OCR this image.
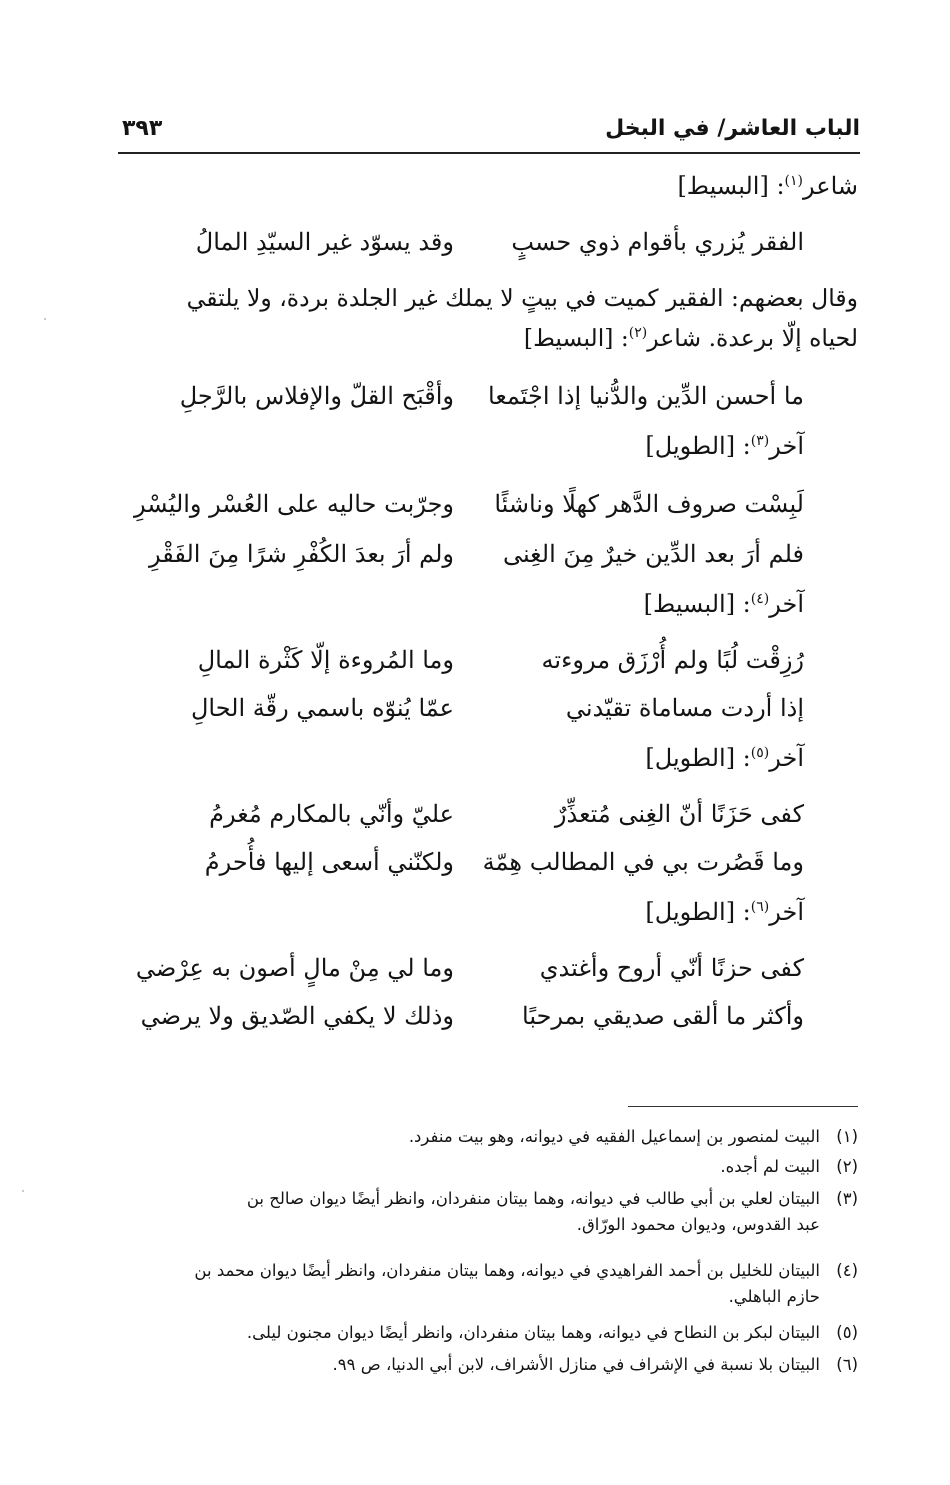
الباب العاشر/ في البخل
٣٩٣
شاعر$^{(١)}$: [البسيط]
الفقر يُزري بأقوام ذوي حسبٍ
وقد يسوّد غير السيّدِ المالُ
وقال بعضهم: الفقير كميت في بيتٍ لا يملك غير الجلدة بردة، ولا يلتقي
لحياه إلّا برعدة. شاعر$^{(٢)}$: [البسيط]
ما أحسن الدِّين والدُّنيا إذا اجْتَمعا
وأقْبَح القلّ والإفلاس بالرَّجلِ
آخر$^{(٣)}$: [الطويل]
لَبِسْت صروف الدَّهر كهلًا وناشئًا
وجرّبت حاليه على العُسْر واليُسْرِ
فلم أرَ بعد الدِّين خيرٌ مِنَ الغِنى
ولم أرَ بعدَ الكُفْرِ شرًا مِنَ الفَقْرِ
آخر$^{(٤)}$: [البسيط]
رُزِقْت لُبًا ولم أُرْزَق مروءته
وما المُروءة إلّا كَثْرة المالِ
إذا أردت مساماة تقيّدني
عمّا يُنوّه باسمي رقّة الحالِ
آخر$^{(٥)}$: [الطويل]
كفى حَزَنًا أنّ الغِنى مُتعذِّرٌ
عليّ وأنّي بالمكارم مُغرمُ
وما قَصُرت بي في المطالب هِمّة
ولكنّني أسعى إليها فأُحرمُ
آخر$^{(٦)}$: [الطويل]
كفى حزنًا أنّي أروح وأغتدي
وما لي مِنْ مالٍ أصون به عِرْضي
وأكثر ما ألقى صديقي بمرحبًا
وذلك لا يكفي الصّديق ولا يرضي
(١)البيت لمنصور بن إسماعيل الفقيه في ديوانه، وهو بيت منفرد.
(٢)البيت لم أجده.
(٣)البيتان لعلي بن أبي طالب في ديوانه، وهما بيتان منفردان، وانظر أيضًا ديوان صالح بن
عبد القدوس، وديوان محمود الورّاق.
(٤)البيتان للخليل بن أحمد الفراهيدي في ديوانه، وهما بيتان منفردان، وانظر أيضًا ديوان محمد بن
حازم الباهلي.
(٥)البيتان لبكر بن النطاح في ديوانه، وهما بيتان منفردان، وانظر أيضًا ديوان مجنون ليلى.
(٦)البيتان بلا نسبة في الإشراف في منازل الأشراف، لابن أبي الدنيا، ص ٩٩.
